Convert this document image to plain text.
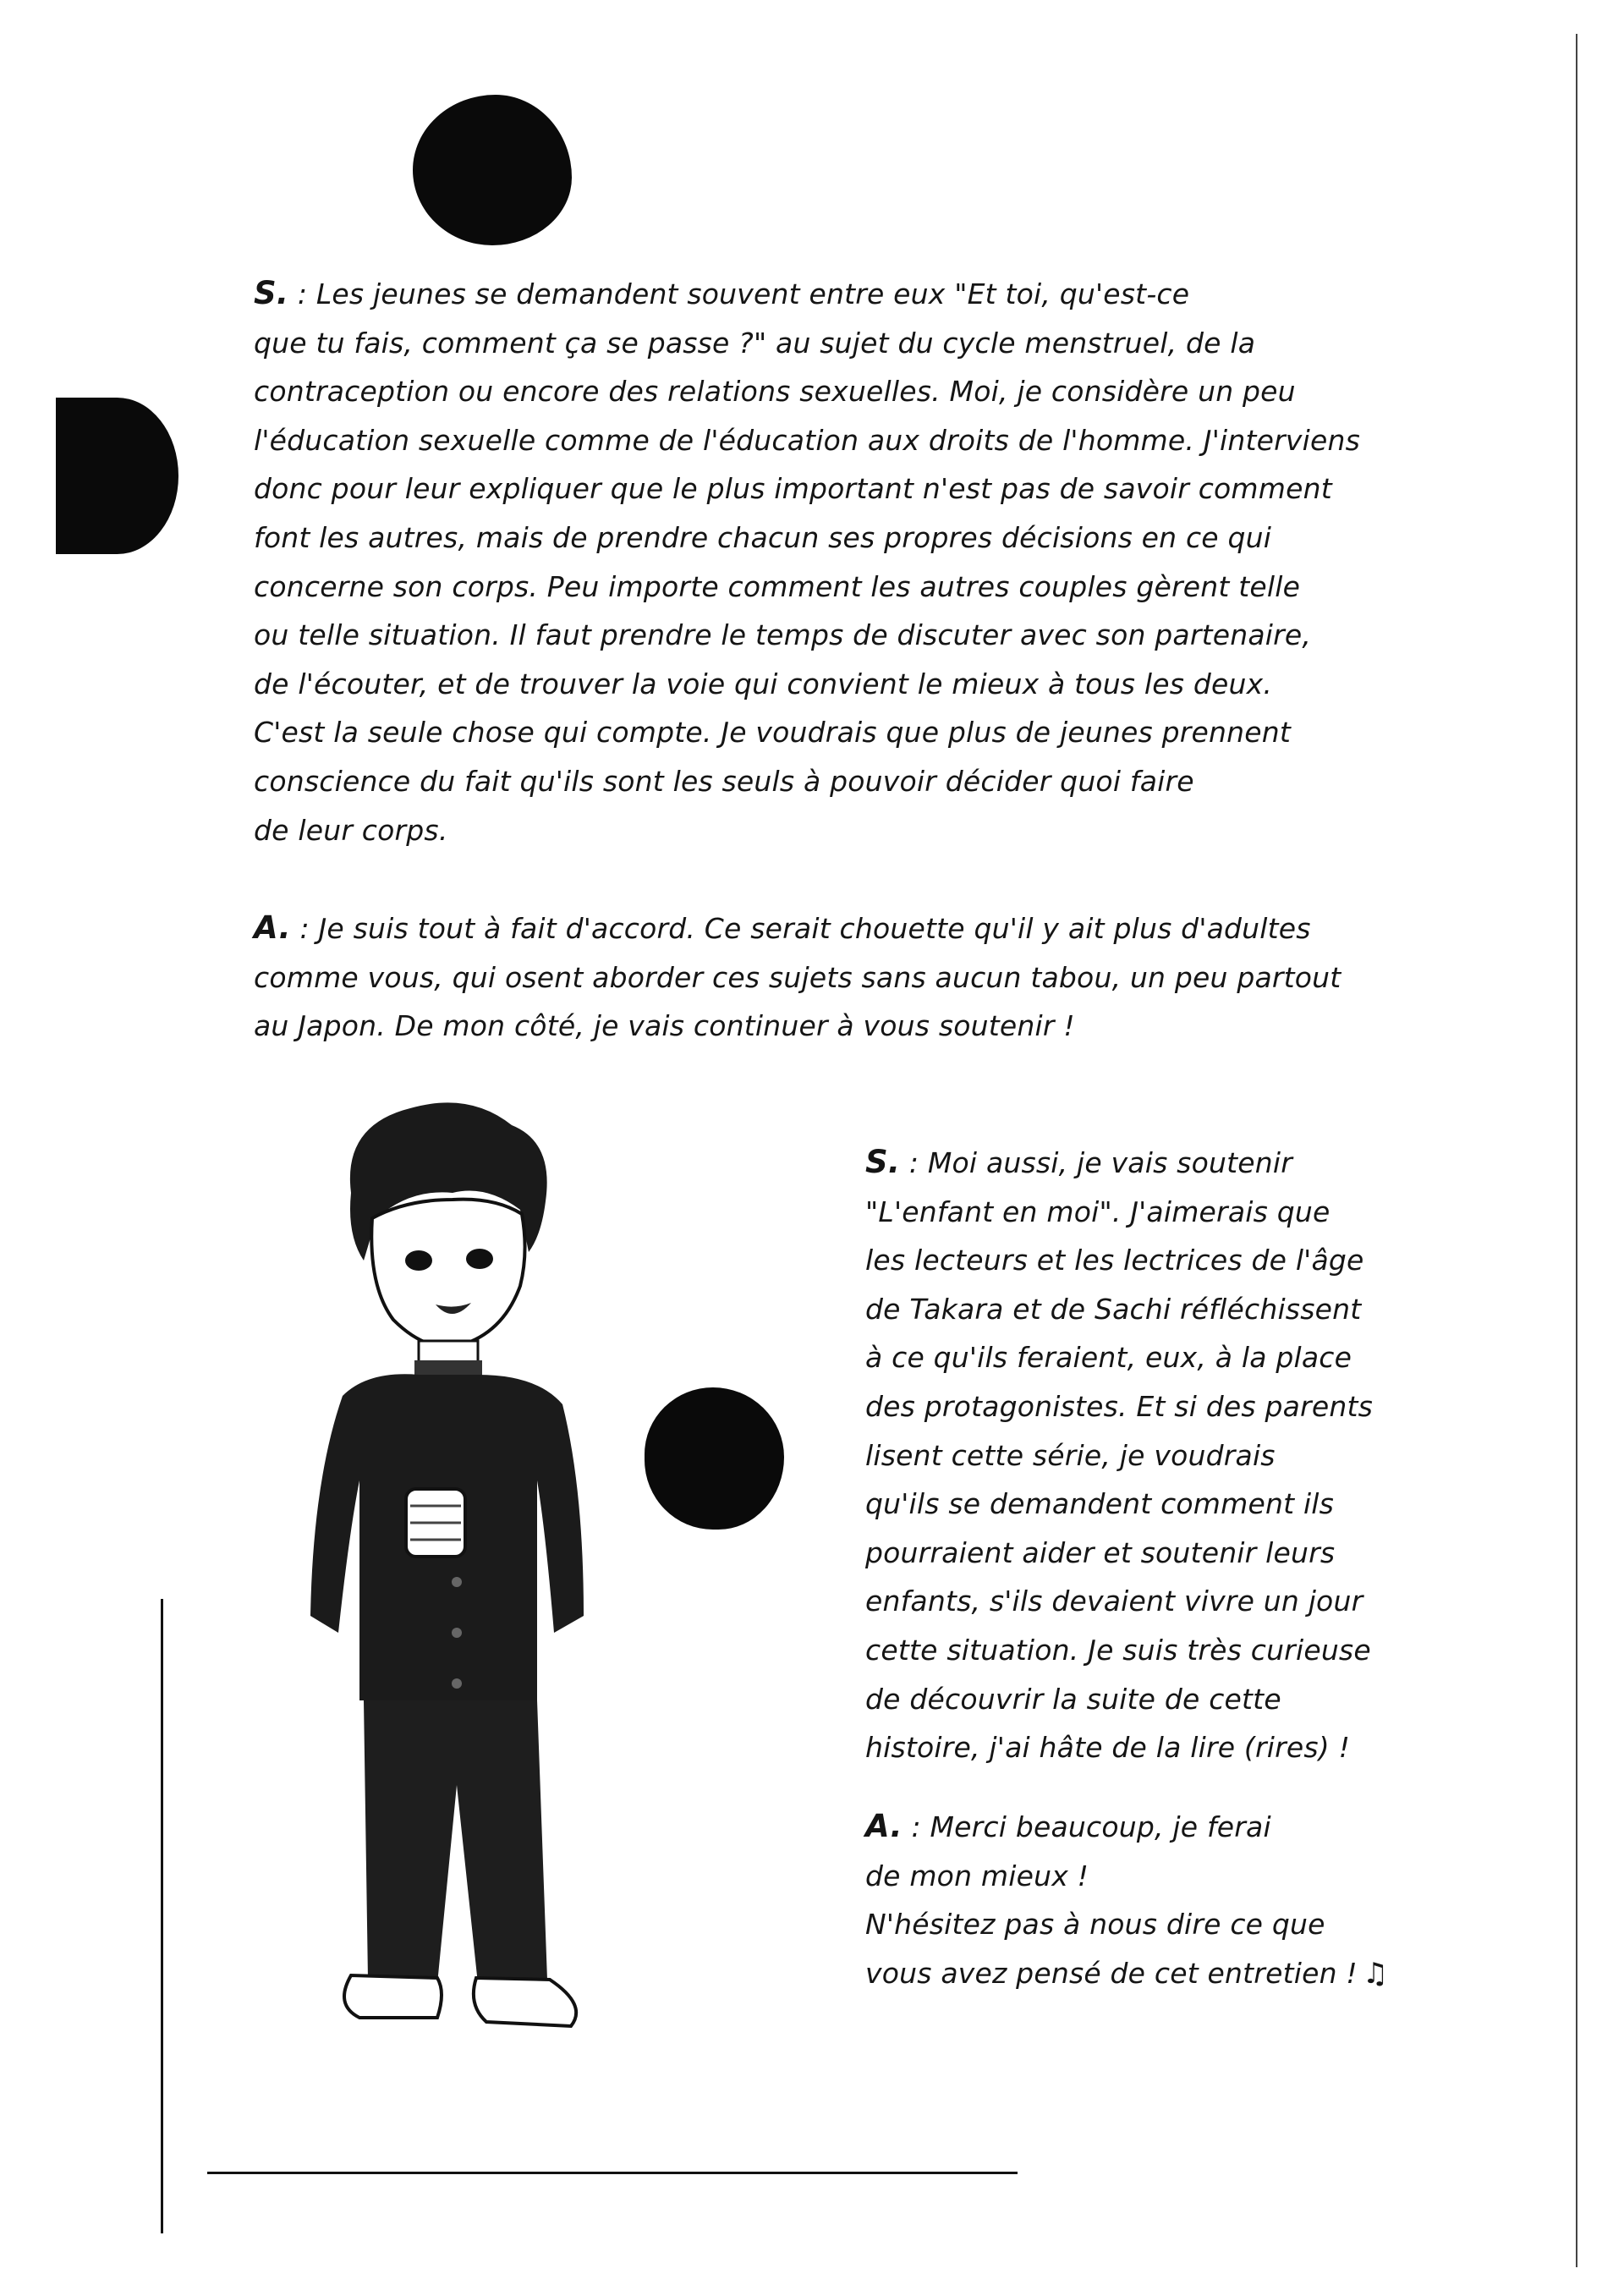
S. : Les jeunes se demandent souvent entre eux "Et toi, qu'est-ce
que tu fais, comment ça se passe ?" au sujet du cycle menstruel, de la
contraception ou encore des relations sexuelles. Moi, je considère un peu
l'éducation sexuelle comme de l'éducation aux droits de l'homme. J'interviens
donc pour leur expliquer que le plus important n'est pas de savoir comment
font les autres, mais de prendre chacun ses propres décisions en ce qui
concerne son corps. Peu importe comment les autres couples gèrent telle
ou telle situation. Il faut prendre le temps de discuter avec son partenaire,
de l'écouter, et de trouver la voie qui convient le mieux à tous les deux.
C'est la seule chose qui compte. Je voudrais que plus de jeunes prennent
conscience du fait qu'ils sont les seuls à pouvoir décider quoi faire
de leur corps.
A. : Je suis tout à fait d'accord. Ce serait chouette qu'il y ait plus d'adultes
comme vous, qui osent aborder ces sujets sans aucun tabou, un peu partout
au Japon. De mon côté, je vais continuer à vous soutenir !
S. : Moi aussi, je vais soutenir
"L'enfant en moi". J'aimerais que
les lecteurs et les lectrices de l'âge
de Takara et de Sachi réfléchissent
à ce qu'ils feraient, eux, à la place
des protagonistes. Et si des parents
lisent cette série, je voudrais
qu'ils se demandent comment ils
pourraient aider et soutenir leurs
enfants, s'ils devaient vivre un jour
cette situation. Je suis très curieuse
de découvrir la suite de cette
histoire, j'ai hâte de la lire (rires) !
A. : Merci beaucoup, je ferai
de mon mieux !
N'hésitez pas à nous dire ce que
vous avez pensé de cet entretien ! ♫
